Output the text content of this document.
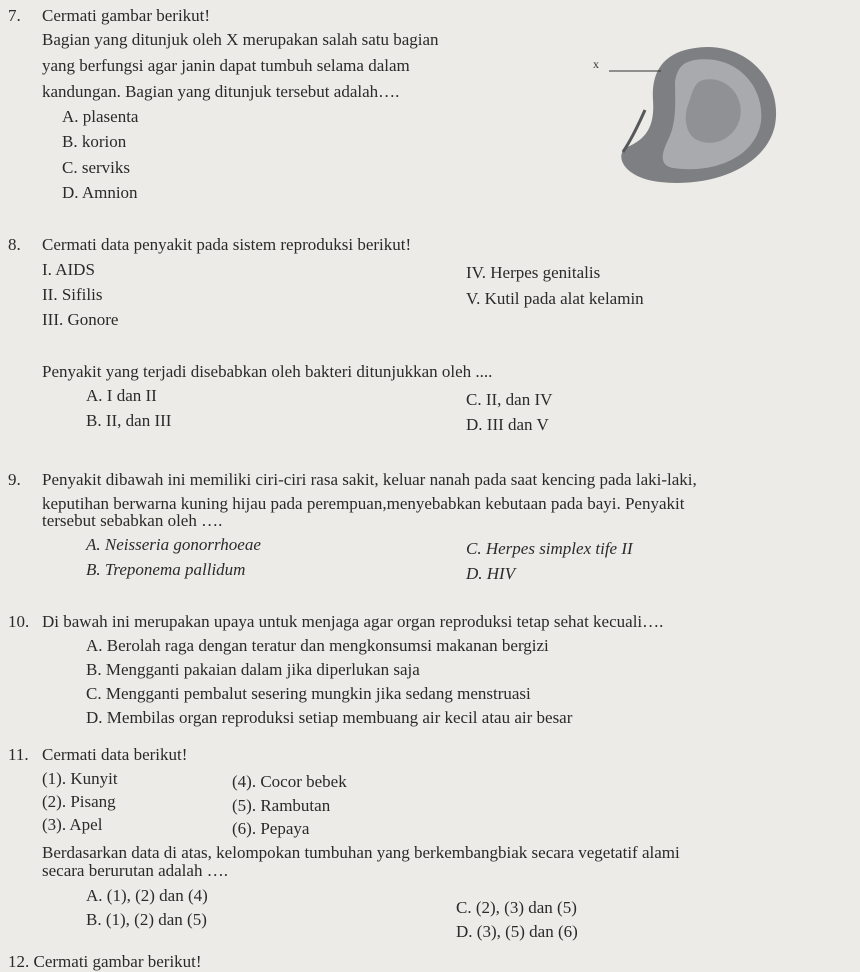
7. Cermati gambar berikut!
Bagian yang ditunjuk oleh X merupakan salah satu bagian
yang berfungsi agar janin dapat tumbuh selama dalam
kandungan. Bagian yang ditunjuk tersebut adalah….
A. plasenta
B. korion
C. serviks
D. Amnion
x
8. Cermati data penyakit pada sistem reproduksi berikut!
I. AIDS
II. Sifilis
III. Gonore
IV. Herpes genitalis
V. Kutil pada alat kelamin
Penyakit yang terjadi disebabkan oleh bakteri ditunjukkan oleh ....
A. I dan II
B. II, dan III
C. II, dan IV
D. III dan V
9. Penyakit dibawah ini memiliki ciri-ciri rasa sakit, keluar nanah pada saat kencing pada laki-laki,
keputihan berwarna kuning hijau pada perempuan,menyebabkan kebutaan pada bayi. Penyakit
tersebut sebabkan oleh ….
A. Neisseria gonorrhoeae
B. Treponema pallidum
C. Herpes simplex tife II
D. HIV
10. Di bawah ini merupakan upaya untuk menjaga agar organ reproduksi tetap sehat kecuali….
A. Berolah raga dengan teratur dan mengkonsumsi makanan bergizi
B. Mengganti pakaian dalam jika diperlukan saja
C. Mengganti pembalut sesering mungkin jika sedang menstruasi
D. Membilas organ reproduksi setiap membuang air kecil atau air besar
11. Cermati data berikut!
(1). Kunyit
(2). Pisang
(3). Apel
(4). Cocor bebek
(5). Rambutan
(6). Pepaya
Berdasarkan data di atas, kelompokan tumbuhan yang berkembangbiak secara vegetatif alami
secara berurutan adalah ….
A. (1), (2) dan (4)
B. (1), (2) dan (5)
C. (2), (3) dan (5)
D. (3), (5) dan (6)
12. Cermati gambar berikut!
